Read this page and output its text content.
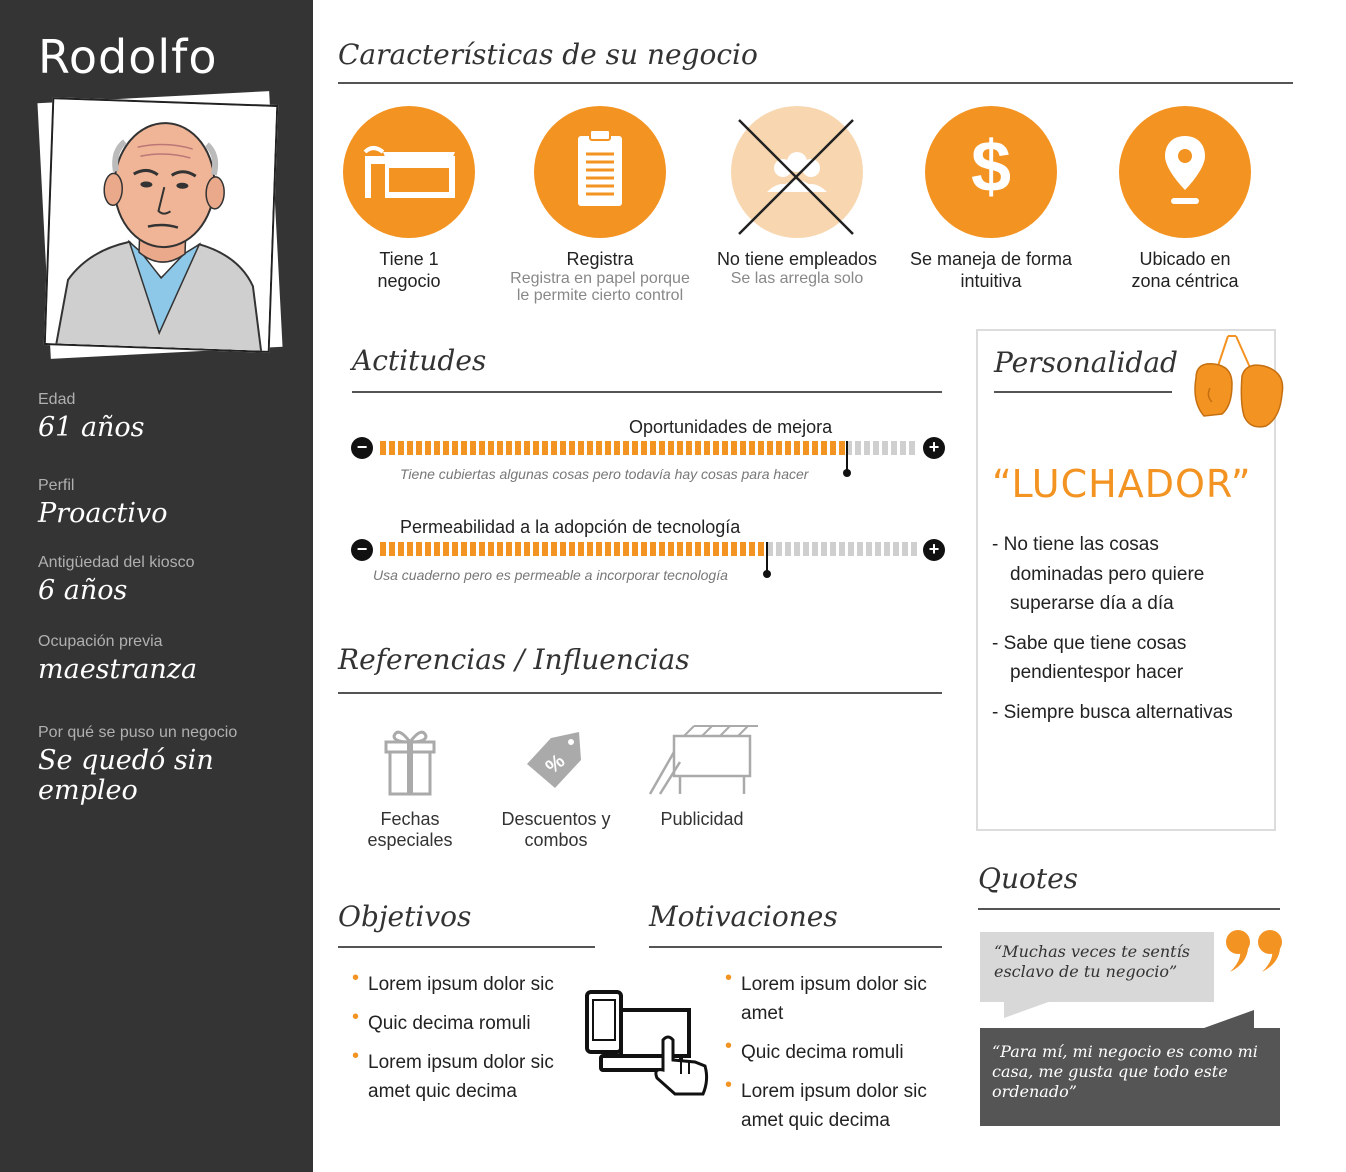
Rodolfo
Edad
61 años
Perfil
Proactivo
Antigüedad del kiosco
6 años
Ocupación previa
maestranza
Por qué se puso un negocio
Se quedó sin empleo
Características de su negocio
Tiene 1
negocio
Registra
Registra en papel porque le permite cierto control
No tiene empleados
Se las arregla solo
$
Se maneja de forma
intuitiva
Ubicado en
zona céntrica
Actitudes
Oportunidades de mejora
−	+
Tiene cubiertas algunas cosas pero todavía hay cosas para hacer
Permeabilidad a la adopción de tecnología
−	+
Usa cuaderno pero es permeable a incorporar tecnología
Referencias / Influencias
Fechas especiales
%
Descuentos y combos
Publicidad
Objetivos
• Lorem ipsum dolor sic
• Quic decima romuli
• Lorem ipsum dolor sic amet quic decima
Motivaciones
• Lorem ipsum dolor sic amet
• Quic decima romuli
• Lorem ipsum dolor sic amet quic decima
Personalidad
“LUCHADOR”
- No tiene las cosas dominadas pero quiere superarse día a día
- Sabe que tiene cosas pendientespor hacer
- Siempre busca alternativas
Quotes
“Muchas veces te sentís esclavo de tu negocio”
“Para mí, mi negocio es como mi casa, me gusta que todo este ordenado”
